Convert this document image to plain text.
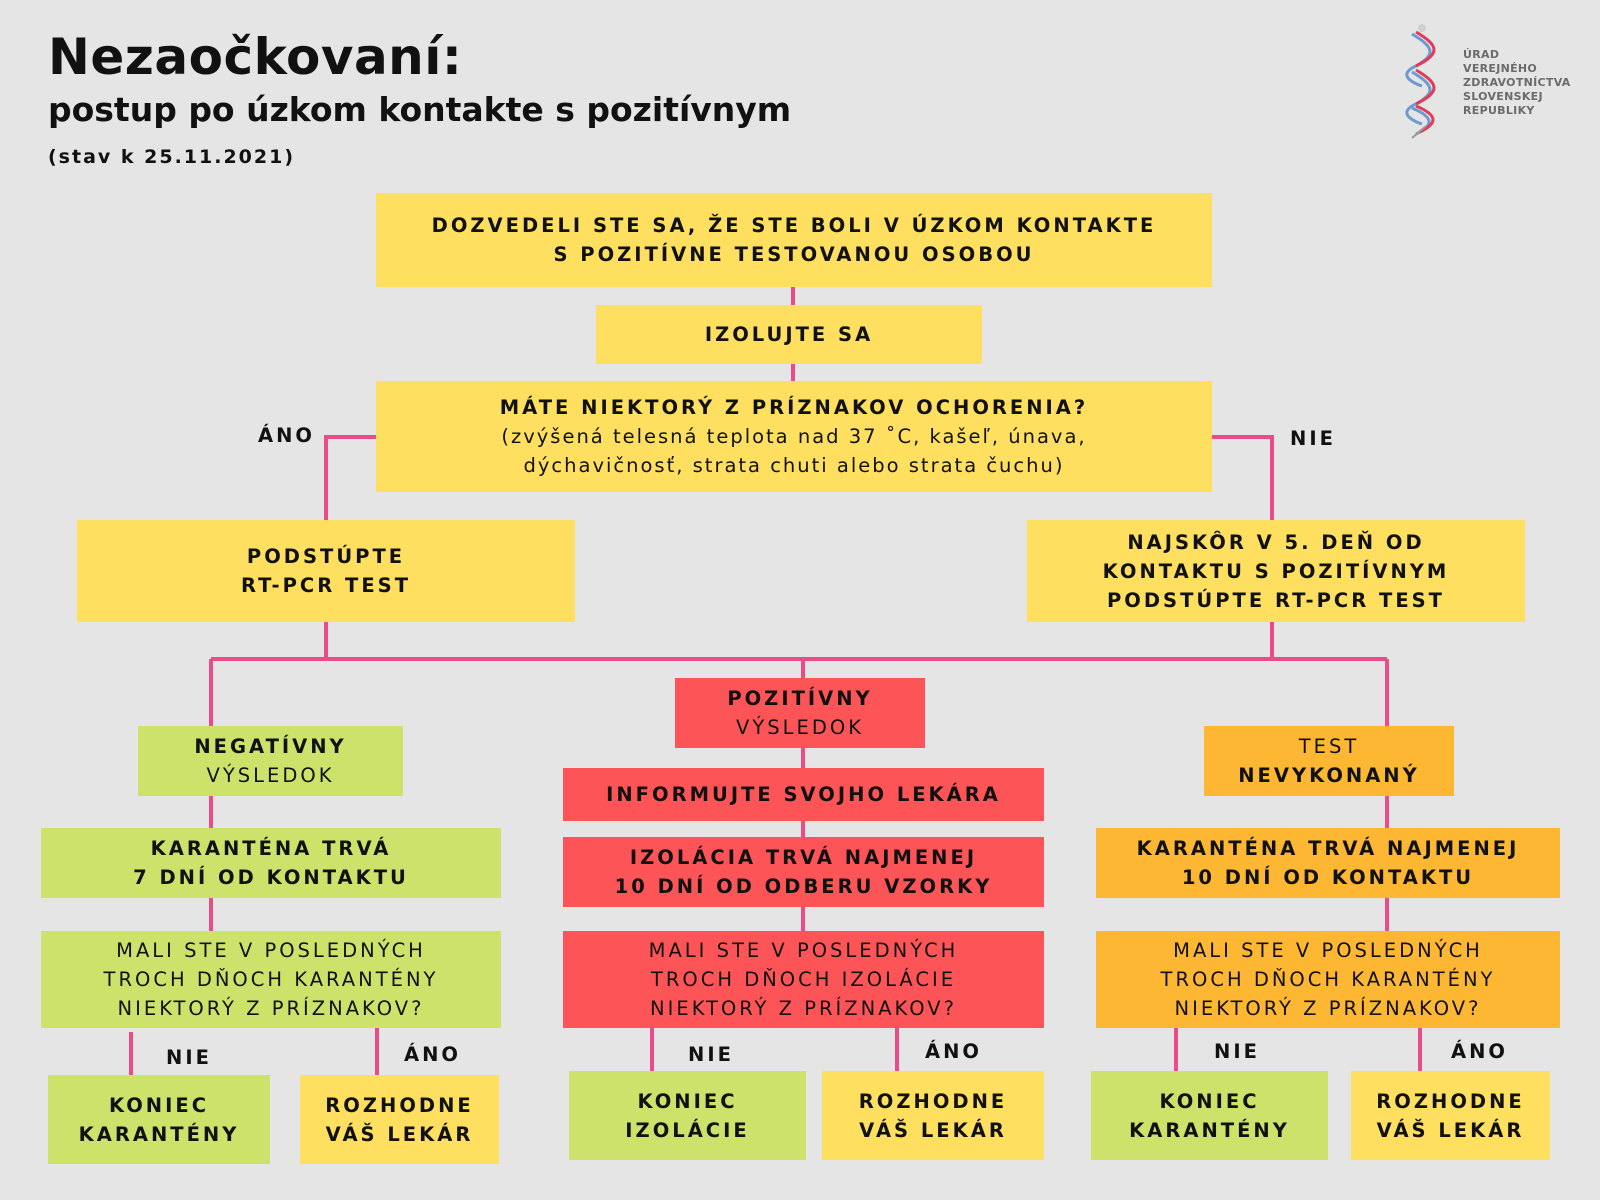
Nezaočkovaní:
postup po úzkom kontakte s pozitívnym
(stav k 25.11.2021)
ÚRAD
VEREJNÉHO
ZDRAVOTNÍCTVA
SLOVENSKEJ
REPUBLIKY
DOZVEDELI STE SA, ŽE STE BOLI V ÚZKOM KONTAKTE
S POZITÍVNE TESTOVANOU OSOBOU
IZOLUJTE SA
MÁTE NIEKTORÝ Z PRÍZNAKOV OCHORENIA?
(zvýšená telesná teplota nad 37 ˚C, kašeľ, únava,
dýchavičnosť, strata chuti alebo strata čuchu)
ÁNO	NIE
PODSTÚPTE
RT-PCR TEST
NAJSKÔR V 5. DEŇ OD
KONTAKTU S POZITÍVNYM
PODSTÚPTE RT-PCR TEST
NEGATÍVNY
VÝSLEDOK
KARANTÉNA TRVÁ
7 DNÍ OD KONTAKTU
MALI STE V POSLEDNÝCH
TROCH DŇOCH KARANTÉNY
NIEKTORÝ Z PRÍZNAKOV?
NIE	ÁNO
KONIEC
KARANTÉNY
ROZHODNE
VÁŠ LEKÁR
POZITÍVNY
VÝSLEDOK
INFORMUJTE SVOJHO LEKÁRA
IZOLÁCIA TRVÁ NAJMENEJ
10 DNÍ OD ODBERU VZORKY
MALI STE V POSLEDNÝCH
TROCH DŇOCH IZOLÁCIE
NIEKTORÝ Z PRÍZNAKOV?
NIE	ÁNO
KONIEC
IZOLÁCIE
ROZHODNE
VÁŠ LEKÁR
TEST
NEVYKONANÝ
KARANTÉNA TRVÁ NAJMENEJ
10 DNÍ OD KONTAKTU
MALI STE V POSLEDNÝCH
TROCH DŇOCH KARANTÉNY
NIEKTORÝ Z PRÍZNAKOV?
NIE	ÁNO
KONIEC
KARANTÉNY
ROZHODNE
VÁŠ LEKÁR
